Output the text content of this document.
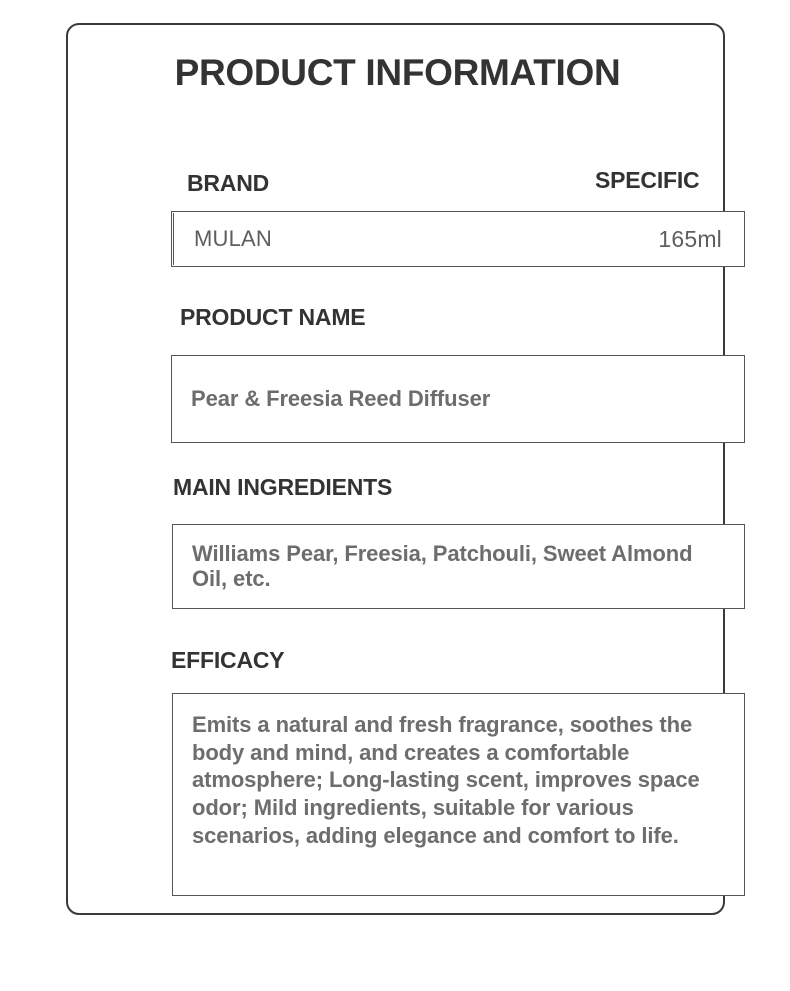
PRODUCT INFORMATION
BRAND	SPECIFIC
MULAN	165ml
PRODUCT NAME
Pear & Freesia Reed Diffuser
MAIN INGREDIENTS
Williams Pear, Freesia, Patchouli, Sweet Almond Oil, etc.
EFFICACY
Emits a natural and fresh fragrance, soothes the body and mind, and creates a comfortable atmosphere; Long-lasting scent, improves space odor; Mild ingredients, suitable for various scenarios, adding elegance and comfort to life.
